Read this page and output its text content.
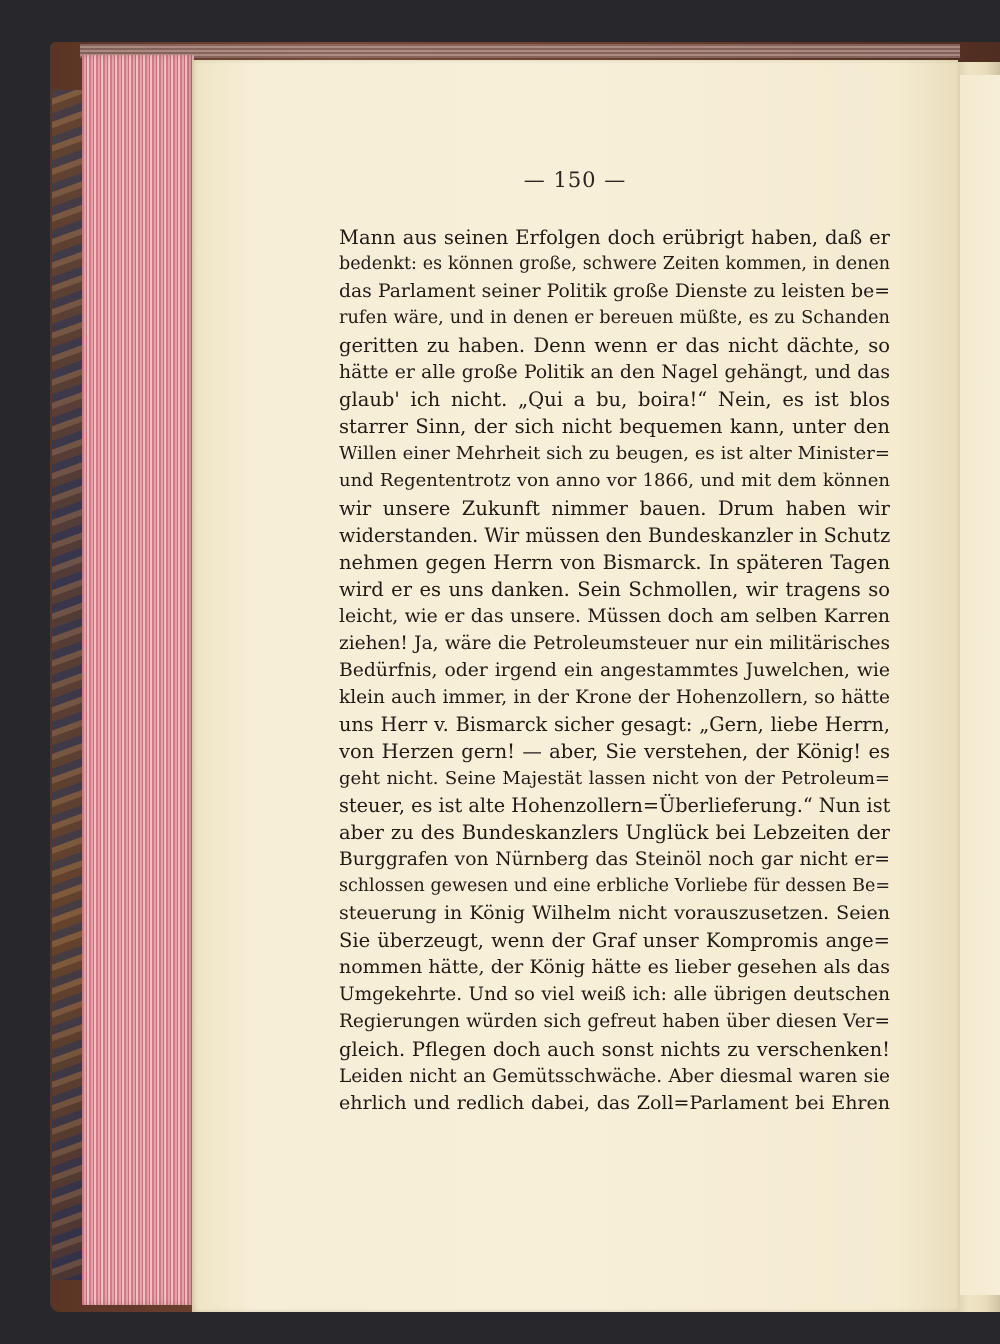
— 150 —
Mann aus seinen Erfolgen doch erübrigt haben, daß er
bedenkt: es können große, schwere Zeiten kommen, in denen
das Parlament seiner Politik große Dienste zu leisten be=
rufen wäre, und in denen er bereuen müßte, es zu Schanden
geritten zu haben. Denn wenn er das nicht dächte, so
hätte er alle große Politik an den Nagel gehängt, und das
glaub' ich nicht. „Qui a bu, boira!“ Nein, es ist blos
starrer Sinn, der sich nicht bequemen kann, unter den
Willen einer Mehrheit sich zu beugen, es ist alter Minister=
und Regententrotz von anno vor 1866, und mit dem können
wir unsere Zukunft nimmer bauen. Drum haben wir
widerstanden. Wir müssen den Bundeskanzler in Schutz
nehmen gegen Herrn von Bismarck. In späteren Tagen
wird er es uns danken. Sein Schmollen, wir tragens so
leicht, wie er das unsere. Müssen doch am selben Karren
ziehen! Ja, wäre die Petroleumsteuer nur ein militärisches
Bedürfnis, oder irgend ein angestammtes Juwelchen, wie
klein auch immer, in der Krone der Hohenzollern, so hätte
uns Herr v. Bismarck sicher gesagt: „Gern, liebe Herrn,
von Herzen gern! — aber, Sie verstehen, der König! es
geht nicht. Seine Majestät lassen nicht von der Petroleum=
steuer, es ist alte Hohenzollern=Überlieferung.“ Nun ist
aber zu des Bundeskanzlers Unglück bei Lebzeiten der
Burggrafen von Nürnberg das Steinöl noch gar nicht er=
schlossen gewesen und eine erbliche Vorliebe für dessen Be=
steuerung in König Wilhelm nicht vorauszusetzen. Seien
Sie überzeugt, wenn der Graf unser Kompromis ange=
nommen hätte, der König hätte es lieber gesehen als das
Umgekehrte. Und so viel weiß ich: alle übrigen deutschen
Regierungen würden sich gefreut haben über diesen Ver=
gleich. Pflegen doch auch sonst nichts zu verschenken!
Leiden nicht an Gemütsschwäche. Aber diesmal waren sie
ehrlich und redlich dabei, das Zoll=Parlament bei Ehren
